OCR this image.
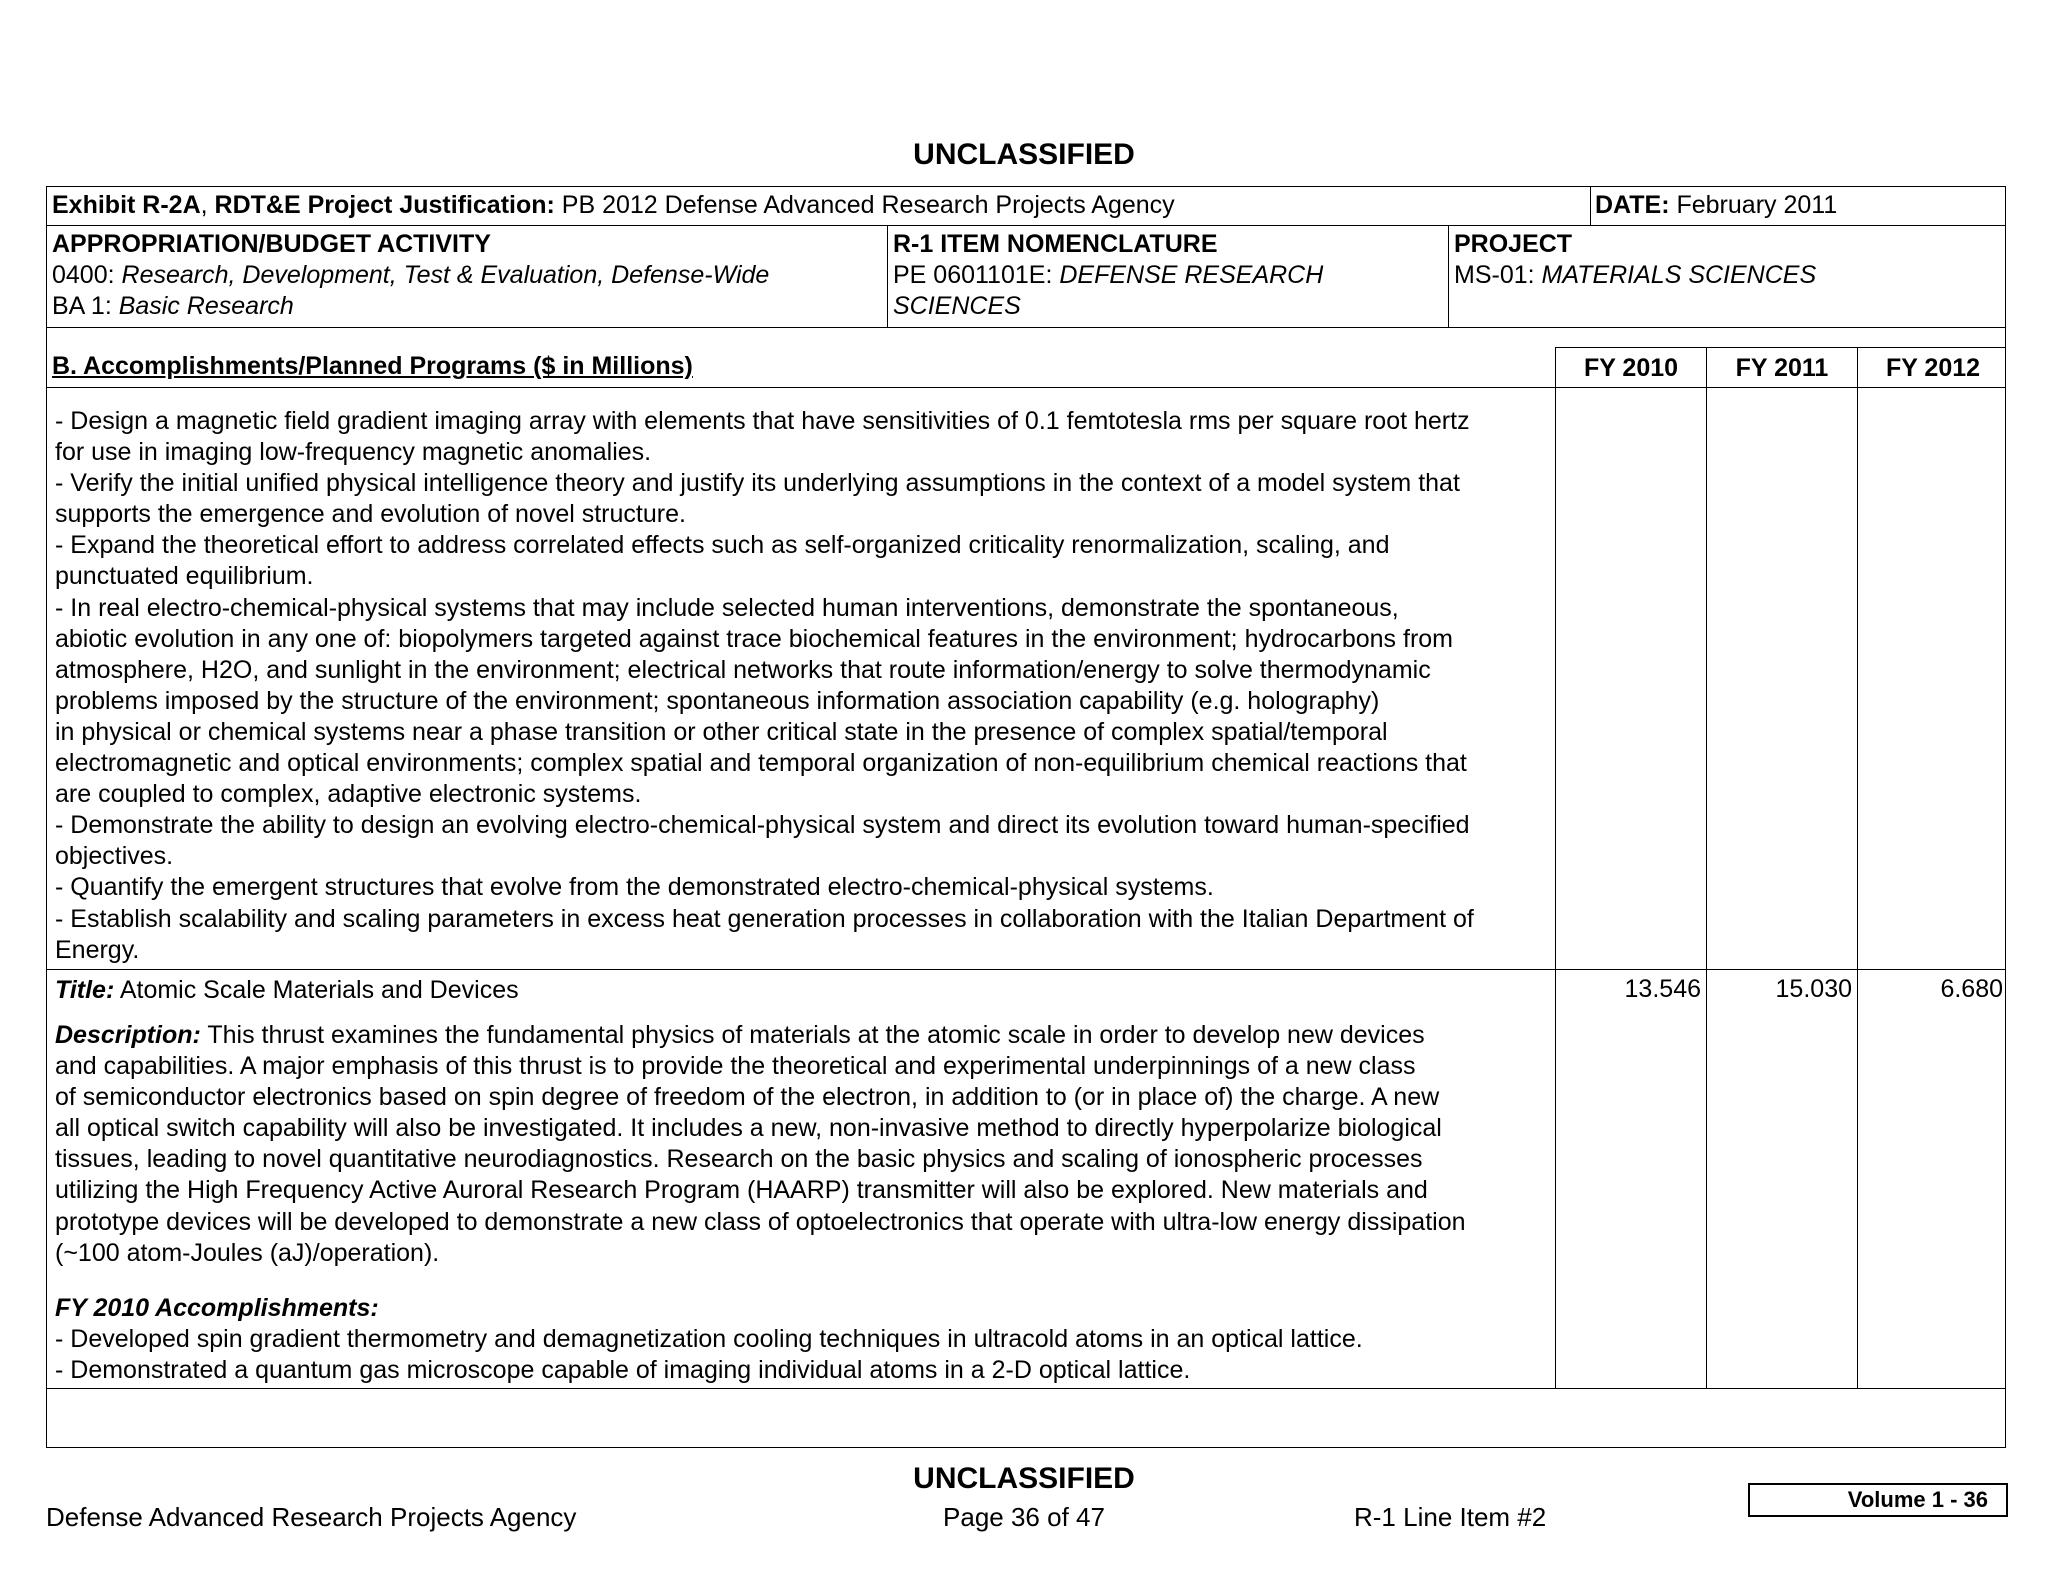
UNCLASSIFIED
Exhibit R-2A, RDT&E Project Justification: PB 2012 Defense Advanced Research Projects Agency	DATE: February 2011
APPROPRIATION/BUDGET ACTIVITY
0400: Research, Development, Test & Evaluation, Defense-Wide
BA 1: Basic Research
R-1 ITEM NOMENCLATURE
PE 0601101E: DEFENSE RESEARCH
SCIENCES
PROJECT
MS-01: MATERIALS SCIENCES
B. Accomplishments/Planned Programs ($ in Millions)	FY 2010	FY 2011	FY 2012
- Design a magnetic field gradient imaging array with elements that have sensitivities of 0.1 femtotesla rms per square root hertz
for use in imaging low-frequency magnetic anomalies.
- Verify the initial unified physical intelligence theory and justify its underlying assumptions in the context of a model system that
supports the emergence and evolution of novel structure.
- Expand the theoretical effort to address correlated effects such as self-organized criticality renormalization, scaling, and
punctuated equilibrium.
- In real electro-chemical-physical systems that may include selected human interventions, demonstrate the spontaneous,
abiotic evolution in any one of: biopolymers targeted against trace biochemical features in the environment; hydrocarbons from
atmosphere, H2O, and sunlight in the environment; electrical networks that route information/energy to solve thermodynamic
problems imposed by the structure of the environment; spontaneous information association capability (e.g. holography)
in physical or chemical systems near a phase transition or other critical state in the presence of complex spatial/temporal
electromagnetic and optical environments; complex spatial and temporal organization of non-equilibrium chemical reactions that
are coupled to complex, adaptive electronic systems.
- Demonstrate the ability to design an evolving electro-chemical-physical system and direct its evolution toward human-specified
objectives.
- Quantify the emergent structures that evolve from the demonstrated electro-chemical-physical systems.
- Establish scalability and scaling parameters in excess heat generation processes in collaboration with the Italian Department of
Energy.
Title: Atomic Scale Materials and Devices
Description: This thrust examines the fundamental physics of materials at the atomic scale in order to develop new devices
and capabilities. A major emphasis of this thrust is to provide the theoretical and experimental underpinnings of a new class
of semiconductor electronics based on spin degree of freedom of the electron, in addition to (or in place of) the charge. A new
all optical switch capability will also be investigated. It includes a new, non-invasive method to directly hyperpolarize biological
tissues, leading to novel quantitative neurodiagnostics. Research on the basic physics and scaling of ionospheric processes
utilizing the High Frequency Active Auroral Research Program (HAARP) transmitter will also be explored. New materials and
prototype devices will be developed to demonstrate a new class of optoelectronics that operate with ultra-low energy dissipation
(~100 atom-Joules (aJ)/operation).
FY 2010 Accomplishments:
- Developed spin gradient thermometry and demagnetization cooling techniques in ultracold atoms in an optical lattice.
- Demonstrated a quantum gas microscope capable of imaging individual atoms in a 2-D optical lattice.
13.546	15.030	6.680
UNCLASSIFIED
Defense Advanced Research Projects Agency	Page 36 of 47	R-1 Line Item #2
Volume 1 - 36
